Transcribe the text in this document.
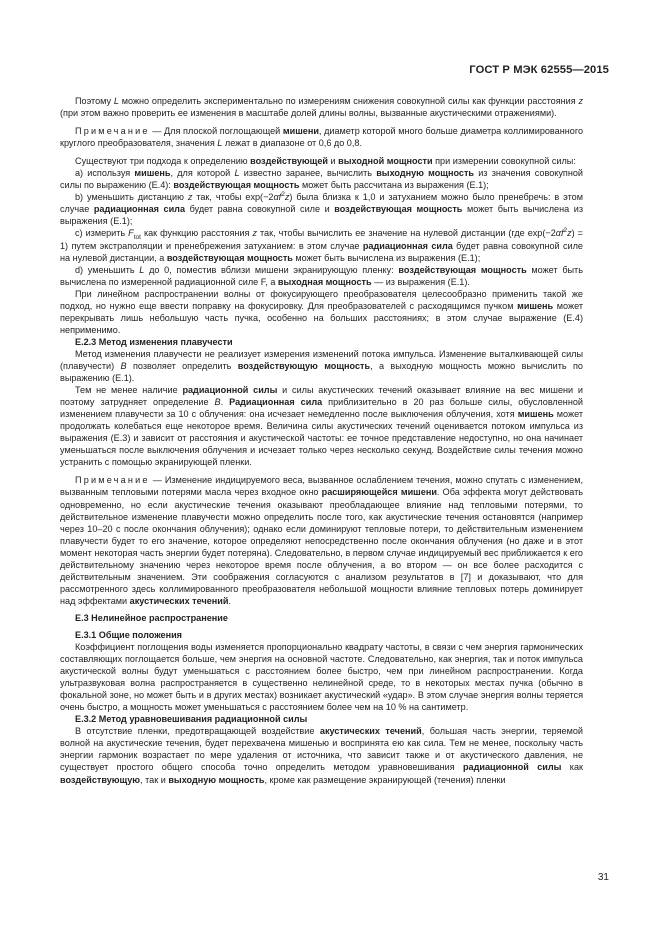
ГОСТ Р МЭК 62555—2015

Поэтому L можно определить экспериментально по измерениям снижения совокупной силы как функции расстояния z (при этом важно проверить ее изменения в масштабе долей длины волны, вызванные акустическими отражениями).

Примечание — Для плоской поглощающей мишени, диаметр которой много больше диаметра коллимированного круглого преобразователя, значения L лежат в диапазоне от 0,6 до 0,8.

Существуют три подхода к определению воздействующей и выходной мощности при измерении совокупной силы:

a) используя мишень, для которой L известно заранее, вычислить выходную мощность из значения совокупной силы по выражению (Е.4): воздействующая мощность может быть рассчитана из выражения (Е.1);

b) уменьшить дистанцию z так, чтобы $\exp(-2\alpha f^2z)$ была близка к 1,0 и затуханием можно было пренебречь: в этом случае радиационная сила будет равна совокупной силе и воздействующая мощность может быть вычислена из выражения (Е.1);

c) измерить $F_{tot}$ как функцию расстояния z так, чтобы вычислить ее значение на нулевой дистанции (где $\exp(-2\alpha f^2z) = 1$) путем экстраполяции и пренебрежения затуханием: в этом случае радиационная сила будет равна совокупной силе на нулевой дистанции, а воздействующая мощность может быть вычислена из выражения (Е.1);

d) уменьшить L до 0, поместив вблизи мишени экранирующую пленку: воздействующая мощность может быть вычислена по измеренной радиационной силе F, а выходная мощность — из выражения (Е.1).

При линейном распространении волны от фокусирующего преобразователя целесообразно применить такой же подход, но нужно еще ввести поправку на фокусировку. Для преобразователей с расходящимся пучком мишень может перекрывать лишь небольшую часть пучка, особенно на больших расстояниях; в этом случае выражение (Е.4) неприменимо.

Е.2.3 Метод изменения плавучести

Метод изменения плавучести не реализует измерения изменений потока импульса. Изменение выталкивающей силы (плавучести) B позволяет определить воздействующую мощность, а выходную мощность можно вычислить по выражению (Е.1).

Тем не менее наличие радиационной силы и силы акустических течений оказывает влияние на вес мишени и поэтому затрудняет определение B. Радиационная сила приблизительно в 20 раз больше силы, обусловленной изменением плавучести за 10 с облучения: она исчезает немедленно после выключения облучения, хотя мишень может продолжать колебаться еще некоторое время. Величина силы акустических течений оценивается потоком импульса из выражения (Е.3) и зависит от расстояния и акустической частоты: ее точное представление недоступно, но она начинает уменьшаться после выключения облучения и исчезает только через несколько секунд. Воздействие силы течения можно устранить с помощью экранирующей пленки.

Примечание — Изменение индицируемого веса, вызванное ослаблением течения, можно спутать с изменением, вызванным тепловыми потерями масла через входное окно расширяющейся мишени. Оба эффекта могут действовать одновременно, но если акустические течения оказывают преобладающее влияние над тепловыми потерями, то действительное изменение плавучести можно определить после того, как акустические течения остановятся (например через 10–20 с после окончания облучения); однако если доминируют тепловые потери, то действительным изменением плавучести будет то его значение, которое определяют непосредственно после окончания облучения (но даже и в этот момент некоторая часть энергии будет потеряна). Следовательно, в первом случае индицируемый вес приближается к его действительному значению через некоторое время после облучения, а во втором — он все более расходится с действительным значением. Эти соображения согласуются с анализом результатов в [7] и доказывают, что для рассмотренного здесь коллимированного преобразователя небольшой мощности влияние тепловых потерь доминирует над эффектами акустических течений.

Е.3 Нелинейное распространение
Е.3.1 Общие положения

Коэффициент поглощения воды изменяется пропорционально квадрату частоты, в связи с чем энергия гармонических составляющих поглощается больше, чем энергия на основной частоте. Следовательно, как энергия, так и поток импульса акустической волны будут уменьшаться с расстоянием более быстро, чем при линейном распространении. Когда ультразвуковая волна распространяется в существенно нелинейной среде, то в некоторых местах пучка (обычно в фокальной зоне, но может быть и в других местах) возникает акустический «удар». В этом случае энергия волны теряется очень быстро, а мощность может уменьшаться с расстоянием более чем на 10 % на сантиметр.

Е.3.2 Метод уравновешивания радиационной силы

В отсутствие пленки, предотвращающей воздействие акустических течений, большая часть энергии, теряемой волной на акустические течения, будет перехвачена мишенью и воспринята ею как сила. Тем не менее, поскольку часть энергии гармоник возрастает по мере удаления от источника, что зависит также и от акустического давления, не существует простого общего способа точно определить методом уравновешивания радиационной силы как воздействующую, так и выходную мощность, кроме как размещение экранирующей (течения) пленки

31
